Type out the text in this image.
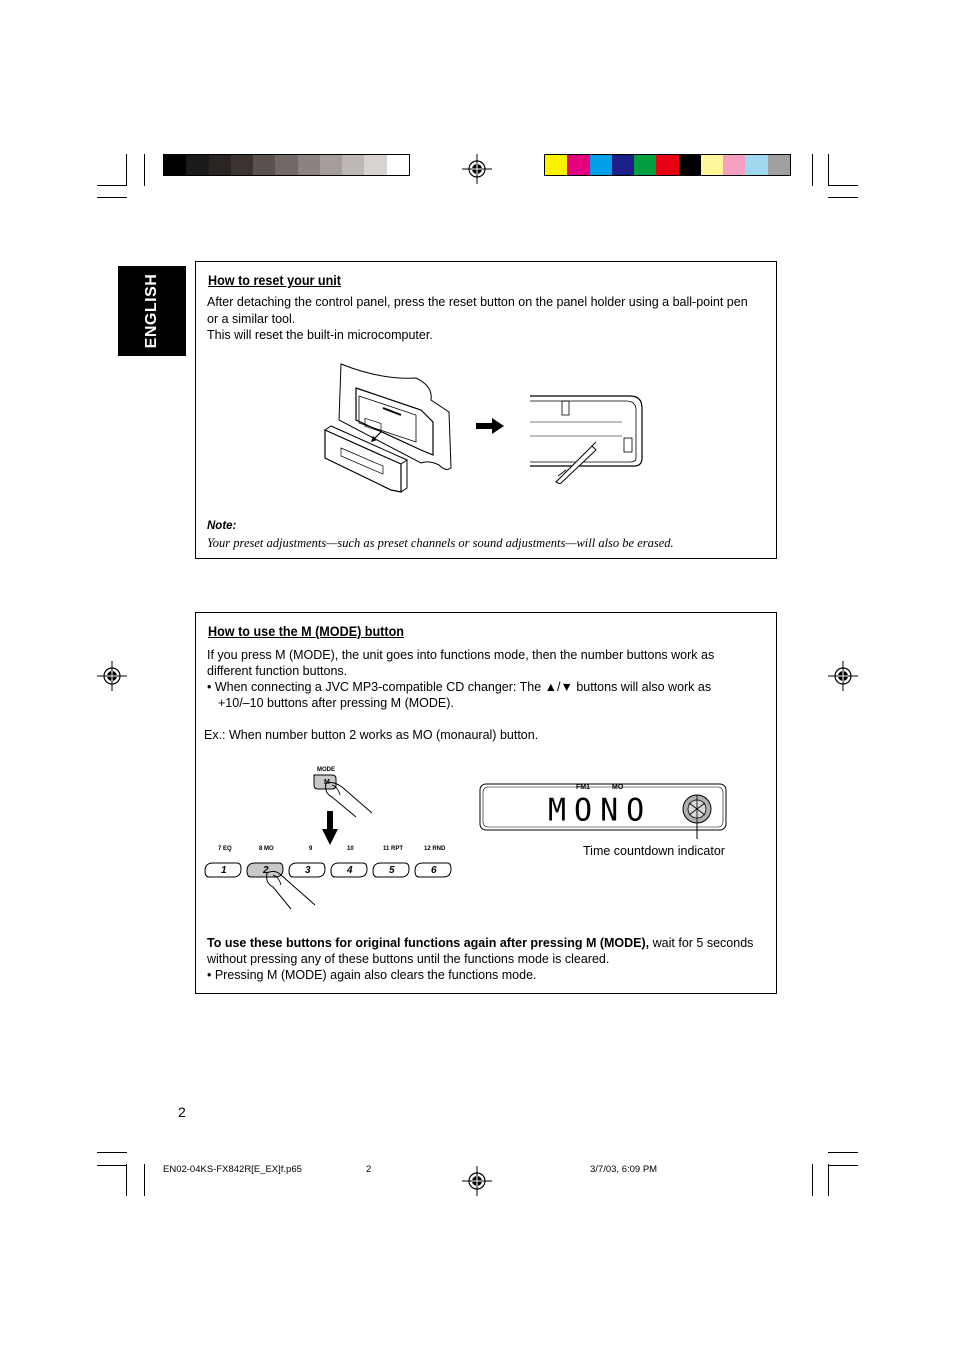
ENGLISH	How to reset your unit
After detaching the control panel, press the reset button on the panel holder using a ball-point pen
or a similar tool.
This will reset the built-in microcomputer.
Note:
Your preset adjustments—such as preset channels or sound adjustments—will also be erased.
How to use the M (MODE) button
If you press M (MODE), the unit goes into functions mode, then the number buttons work as
different function buttons.
• When connecting a JVC MP3-compatible CD changer: The ▲/▼ buttons will also work as
+10/–10 buttons after pressing M (MODE).
Ex.: When number button 2 works as MO (monaural) button.
MODE
M
7 EQ	8 MO	9	10	11 RPT	12 RND
1	2	3	4	5	6
FM1	MO
MONO
Time countdown indicator
To use these buttons for original functions again after pressing M (MODE), wait for 5 seconds
without pressing any of these buttons until the functions mode is cleared.
• Pressing M (MODE) again also clears the functions mode.
2
EN02-04KS-FX842R[E_EX]f.p65	2	3/7/03, 6:09 PM
